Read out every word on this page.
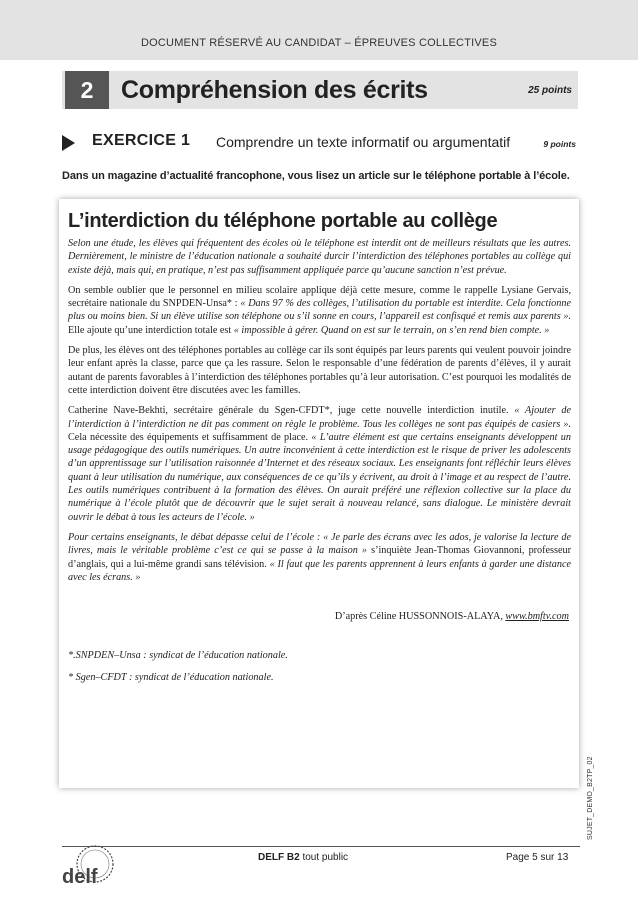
DOCUMENT RÉSERVÉ AU CANDIDAT – ÉPREUVES COLLECTIVES
2	Compréhension des écrits	25 points
EXERCICE 1 Comprendre un texte informatif ou argumentatif	9 points
Dans un magazine d’actualité francophone, vous lisez un article sur le téléphone portable à l’école.
L’interdiction du téléphone portable au collège

Selon une étude, les élèves qui fréquentent des écoles où le téléphone est interdit ont de meilleurs résultats que les autres. Dernièrement, le ministre de l’éducation nationale a souhaité durcir l’interdiction des téléphones portables au collège qui existe déjà, mais qui, en pratique, n’est pas suffisamment appliquée parce qu’aucune sanction n’est prévue.

On semble oublier que le personnel en milieu scolaire applique déjà cette mesure, comme le rappelle Lysiane Gervais, secrétaire nationale du SNPDEN-Unsa* : « Dans 97 % des collèges, l’utilisation du portable est interdite. Cela fonctionne plus ou moins bien. Si un élève utilise son téléphone ou s’il sonne en cours, l’appareil est confisqué et remis aux parents ». Elle ajoute qu’une interdiction totale est « impossible à gérer. Quand on est sur le terrain, on s’en rend bien compte. »

De plus, les élèves ont des téléphones portables au collège car ils sont équipés par leurs parents qui veulent pouvoir joindre leur enfant après la classe, parce que ça les rassure. Selon le responsable d’une fédération de parents d’élèves, il y aurait autant de parents favorables à l’interdiction des téléphones portables qu’à leur autorisation. C’est pourquoi les modalités de cette interdiction doivent être discutées avec les familles.

Catherine Nave-Bekhti, secrétaire générale du Sgen-CFDT*, juge cette nouvelle interdiction inutile. « Ajouter de l’interdiction à l’interdiction ne dit pas comment on règle le problème. Tous les collèges ne sont pas équipés de casiers ». Cela nécessite des équipements et suffisamment de place. « L’autre élément est que certains enseignants développent un usage pédagogique des outils numériques. Un autre inconvénient à cette interdiction est le risque de priver les adolescents d’un apprentissage sur l’utilisation raisonnée d’Internet et des réseaux sociaux. Les enseignants font réfléchir leurs élèves quant à leur utilisation du numérique, aux conséquences de ce qu’ils y écrivent, au droit à l’image et au respect de l’autre. Les outils numériques contribuent à la formation des élèves. On aurait préféré une réflexion collective sur la place du numérique à l’école plutôt que de découvrir que le sujet serait à nouveau relancé, sans dialogue. Le ministère devrait ouvrir le débat à tous les acteurs de l’école. »

Pour certains enseignants, le débat dépasse celui de l’école : « Je parle des écrans avec les ados, je valorise la lecture de livres, mais le véritable problème c’est ce qui se passe à la maison » s’inquiète Jean-Thomas Giovannoni, professeur d’anglais, qui a lui-même grandi sans télévision. « Il faut que les parents apprennent à leurs enfants à garder une distance avec les écrans. »

D’après Céline HUSSONNOIS-ALAYA, www.bmftv.com

*.SNPDEN–Unsa : syndicat de l’éducation nationale.

* Sgen–CFDT : syndicat de l’éducation nationale.

SUJET_DEMO_B2TP_02
delf
DELF B2 tout public	Page 5 sur 13
